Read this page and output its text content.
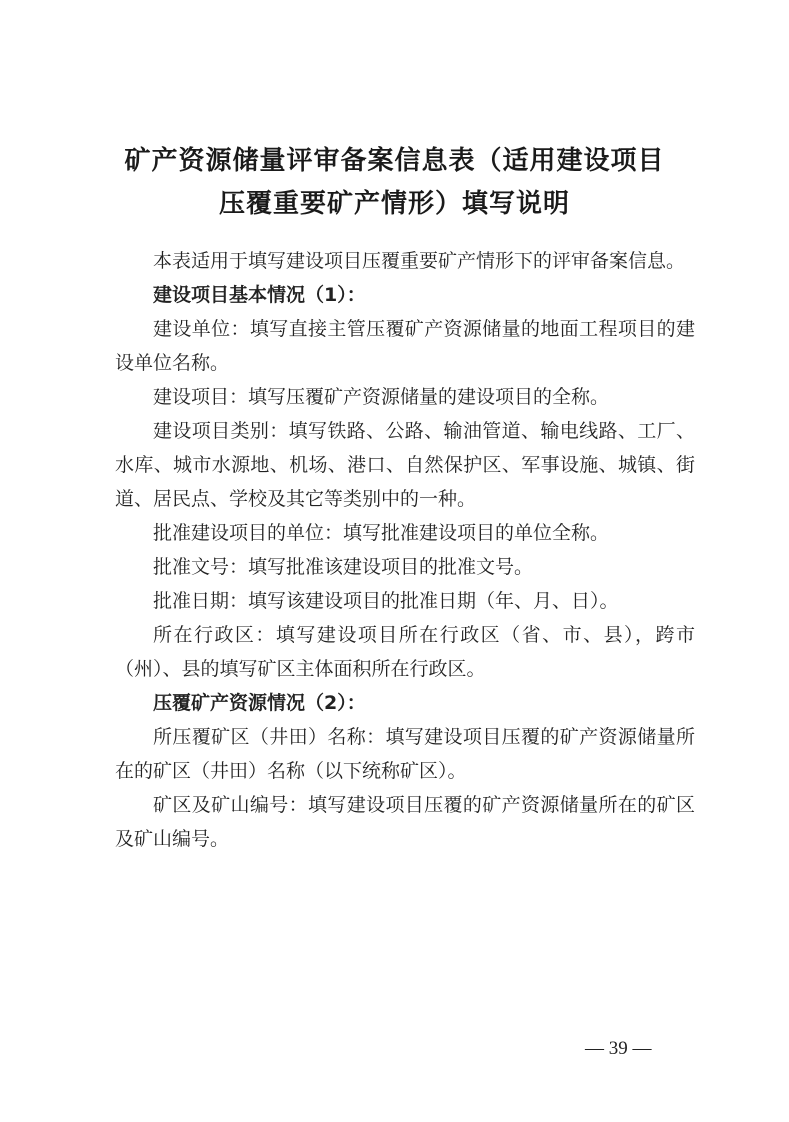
矿产资源储量评审备案信息表（适用建设项目
压覆重要矿产情形）填写说明

本表适用于填写建设项目压覆重要矿产情形下的评审备案信息。

建设项目基本情况（1）：

建设单位：填写直接主管压覆矿产资源储量的地面工程项目的建设单位名称。

建设项目：填写压覆矿产资源储量的建设项目的全称。

建设项目类别：填写铁路、公路、输油管道、输电线路、工厂、水库、城市水源地、机场、港口、自然保护区、军事设施、城镇、街道、居民点、学校及其它等类别中的一种。

批准建设项目的单位：填写批准建设项目的单位全称。

批准文号：填写批准该建设项目的批准文号。

批准日期：填写该建设项目的批准日期（年、月、日）。

所在行政区：填写建设项目所在行政区（省、市、县），跨市（州）、县的填写矿区主体面积所在行政区。

压覆矿产资源情况（2）：

所压覆矿区（井田）名称：填写建设项目压覆的矿产资源储量所在的矿区（井田）名称（以下统称矿区）。

矿区及矿山编号：填写建设项目压覆的矿产资源储量所在的矿区及矿山编号。

— 39 —
